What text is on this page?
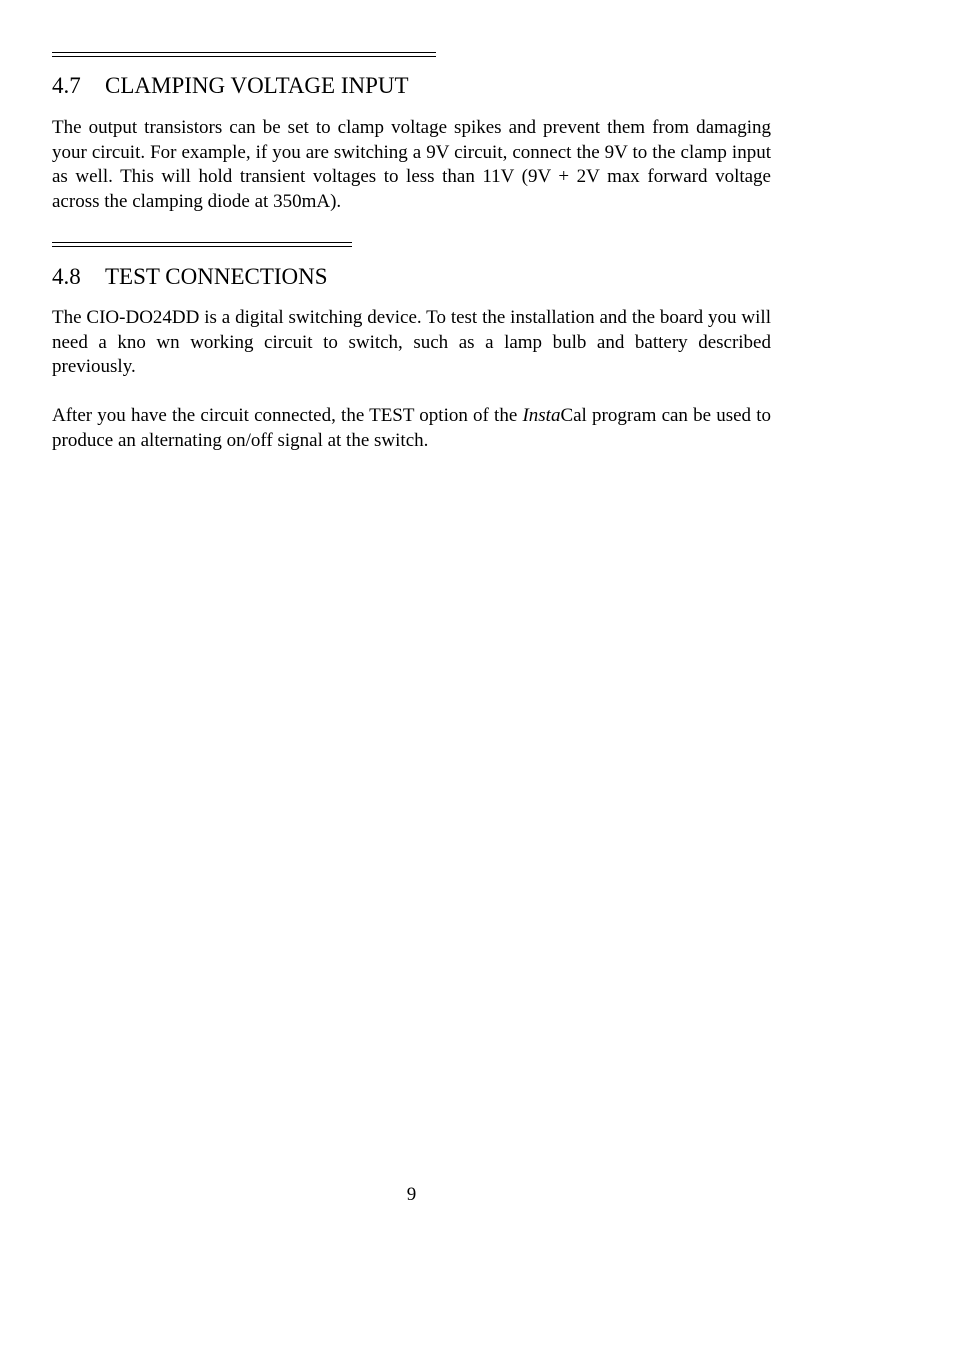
4.7 CLAMPING VOLTAGE INPUT

The output transistors can be set to clamp voltage spikes and prevent them from damaging your circuit. For example, if you are switching a 9V circuit, connect the 9V to the clamp input as well. This will hold transient voltages to less than 11V (9V + 2V max forward voltage across the clamping diode at 350mA).

4.8 TEST CONNECTIONS

The CIO-DO24DD is a digital switching device. To test the installation and the board you will need a kno wn working circuit to switch, such as a lamp bulb and battery described previously.

After you have the circuit connected, the TEST option of the InstaCal program can be used to produce an alternating on/off signal at the switch.

9
